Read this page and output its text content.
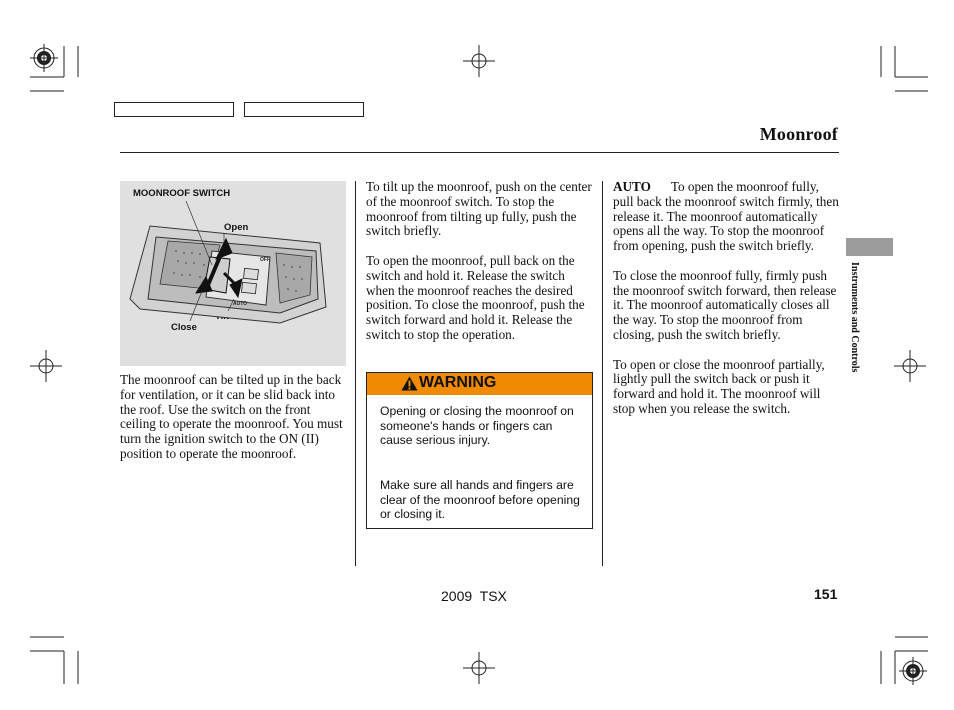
Moonroof
MOONROOF SWITCH
Open
Close
OFF
AUTO

The moonroof can be tilted up in the back for ventilation, or it can be slid back into the roof. Use the switch on the front ceiling to operate the moonroof. You must turn the ignition switch to the ON (II) position to operate the moonroof.

To tilt up the moonroof, push on the center of the moonroof switch. To stop the moonroof from tilting up fully, push the switch briefly.

To open the moonroof, pull back on the switch and hold it. Release the switch when the moonroof reaches the desired position. To close the moonroof, push the switch forward and hold it. Release the switch to stop the operation.

WARNING
Opening or closing the moonroof on someone's hands or fingers can cause serious injury.
Make sure all hands and fingers are clear of the moonroof before opening or closing it.

AUTO To open the moonroof fully, pull back the moonroof switch firmly, then release it. The moonroof automatically opens all the way. To stop the moonroof from opening, push the switch briefly.

To close the moonroof fully, firmly push the moonroof switch forward, then release it. The moonroof automatically closes all the way. To stop the moonroof from closing, push the switch briefly.

To open or close the moonroof partially, lightly pull the switch back or push it forward and hold it. The moonroof will stop when you release the switch.

Instruments and Controls
2009  TSX	151
